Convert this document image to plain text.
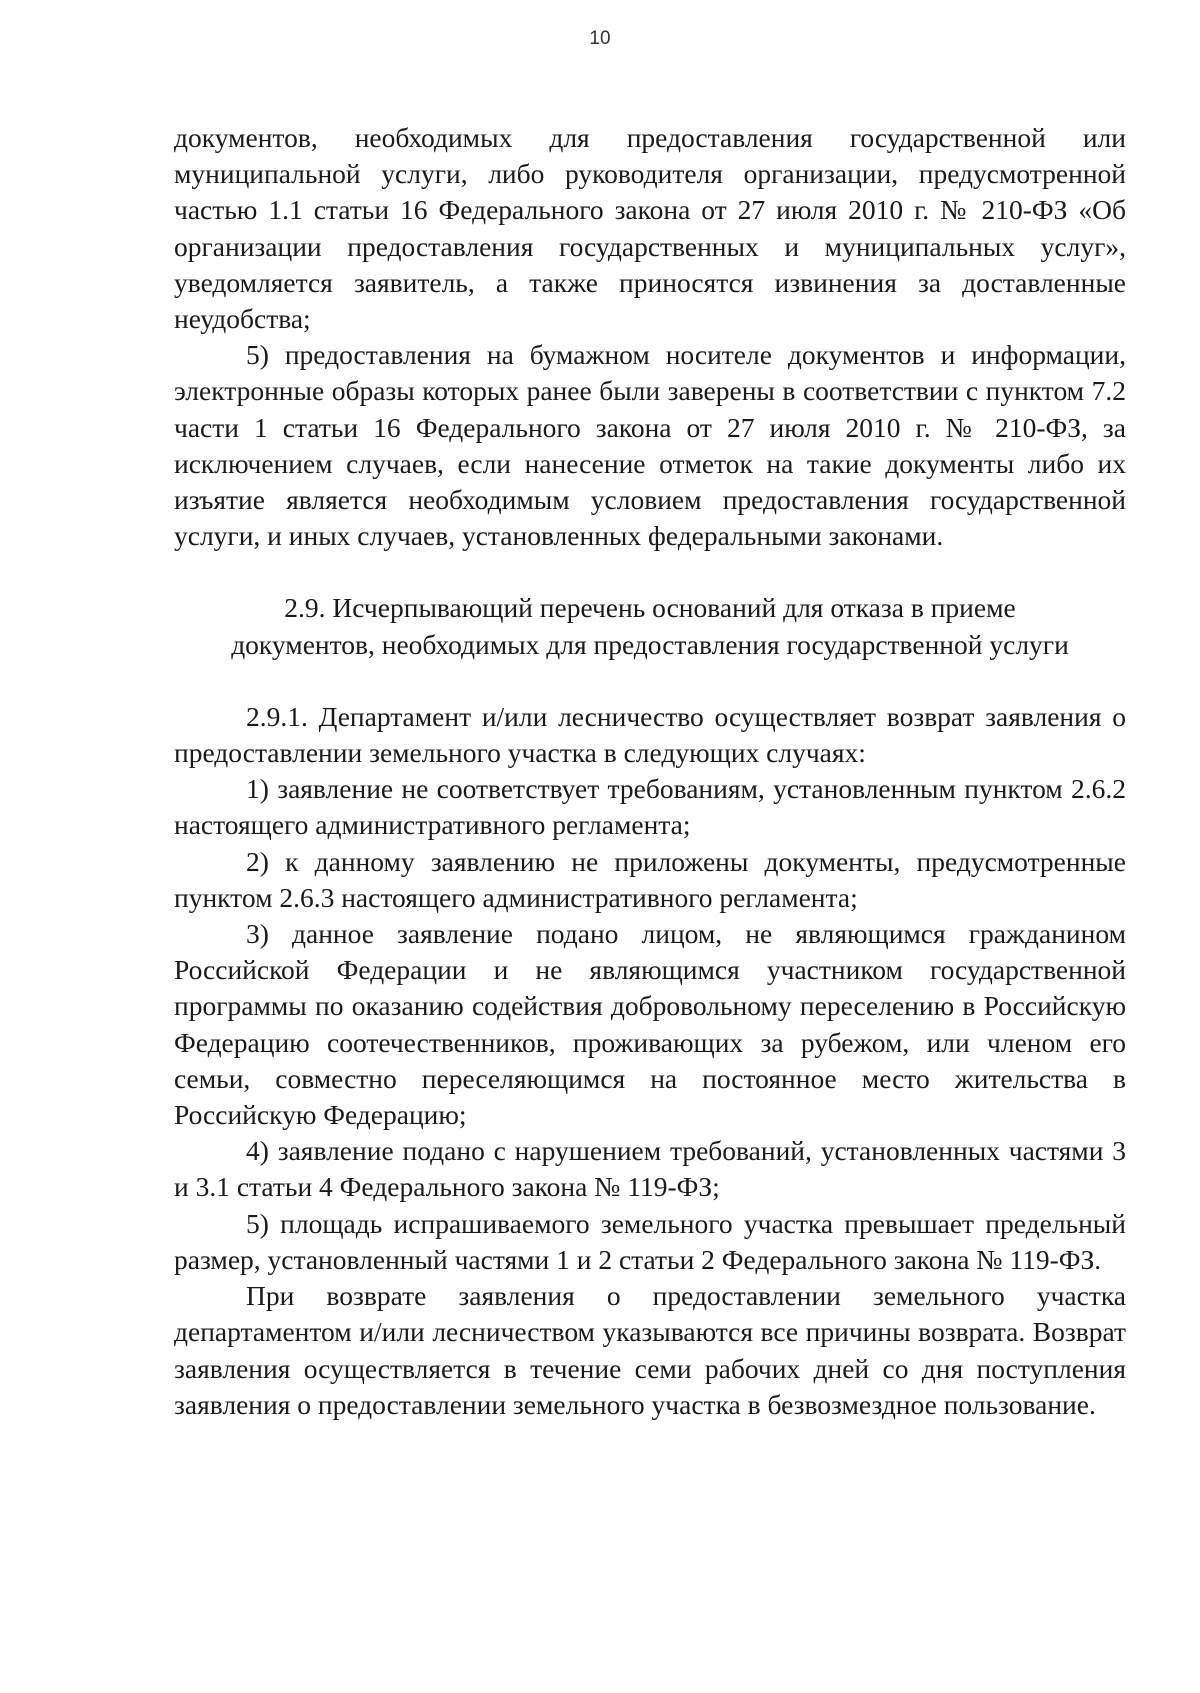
10

документов, необходимых для предоставления государственной или муниципальной услуги, либо руководителя организации, предусмотренной частью 1.1 статьи 16 Федерального закона от 27 июля 2010 г. № 210-ФЗ «Об организации предоставления государственных и муниципальных услуг», уведомляется заявитель, а также приносятся извинения за доставленные неудобства;

5) предоставления на бумажном носителе документов и информации, электронные образы которых ранее были заверены в соответствии с пунктом 7.2 части 1 статьи 16 Федерального закона от 27 июля 2010 г. № 210-ФЗ, за исключением случаев, если нанесение отметок на такие документы либо их изъятие является необходимым условием предоставления государственной услуги, и иных случаев, установленных федеральными законами.

2.9. Исчерпывающий перечень оснований для отказа в приеме
документов, необходимых для предоставления государственной услуги

2.9.1. Департамент и/или лесничество осуществляет возврат заявления о предоставлении земельного участка в следующих случаях:

1) заявление не соответствует требованиям, установленным пунктом 2.6.2 настоящего административного регламента;

2) к данному заявлению не приложены документы, предусмотренные пунктом 2.6.3 настоящего административного регламента;

3) данное заявление подано лицом, не являющимся гражданином Российской Федерации и не являющимся участником государственной программы по оказанию содействия добровольному переселению в Российскую Федерацию соотечественников, проживающих за рубежом, или членом его семьи, совместно переселяющимся на постоянное место жительства в Российскую Федерацию;

4) заявление подано с нарушением требований, установленных частями 3 и 3.1 статьи 4 Федерального закона № 119-ФЗ;

5) площадь испрашиваемого земельного участка превышает предельный размер, установленный частями 1 и 2 статьи 2 Федерального закона № 119-ФЗ.

При возврате заявления о предоставлении земельного участка департаментом и/или лесничеством указываются все причины возврата. Возврат заявления осуществляется в течение семи рабочих дней со дня поступления заявления о предоставлении земельного участка в безвозмездное пользование.
